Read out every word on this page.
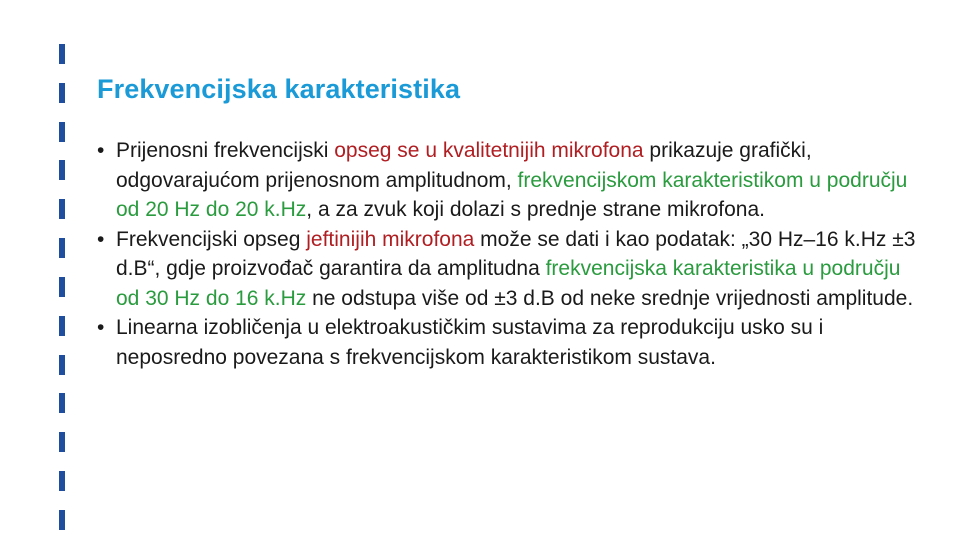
Frekvencijska karakteristika
• Prijenosni frekvencijski opseg se u kvalitetnijih mikrofona prikazuje grafički, odgovarajućom prijenosnom amplitudnom, frekvencijskom karakteristikom u području od 20 Hz do 20 k.Hz, a za zvuk koji dolazi s prednje strane mikrofona.
• Frekvencijski opseg jeftinijih mikrofona može se dati i kao podatak: „30 Hz–16 k.Hz ±3 d.B“, gdje proizvođač garantira da amplitudna frekvencijska karakteristika u području od 30 Hz do 16 k.Hz ne odstupa više od ±3 d.B od neke srednje vrijednosti amplitude.
• Linearna izobličenja u elektroakustičkim sustavima za reprodukciju usko su i neposredno povezana s frekvencijskom karakteristikom sustava.
